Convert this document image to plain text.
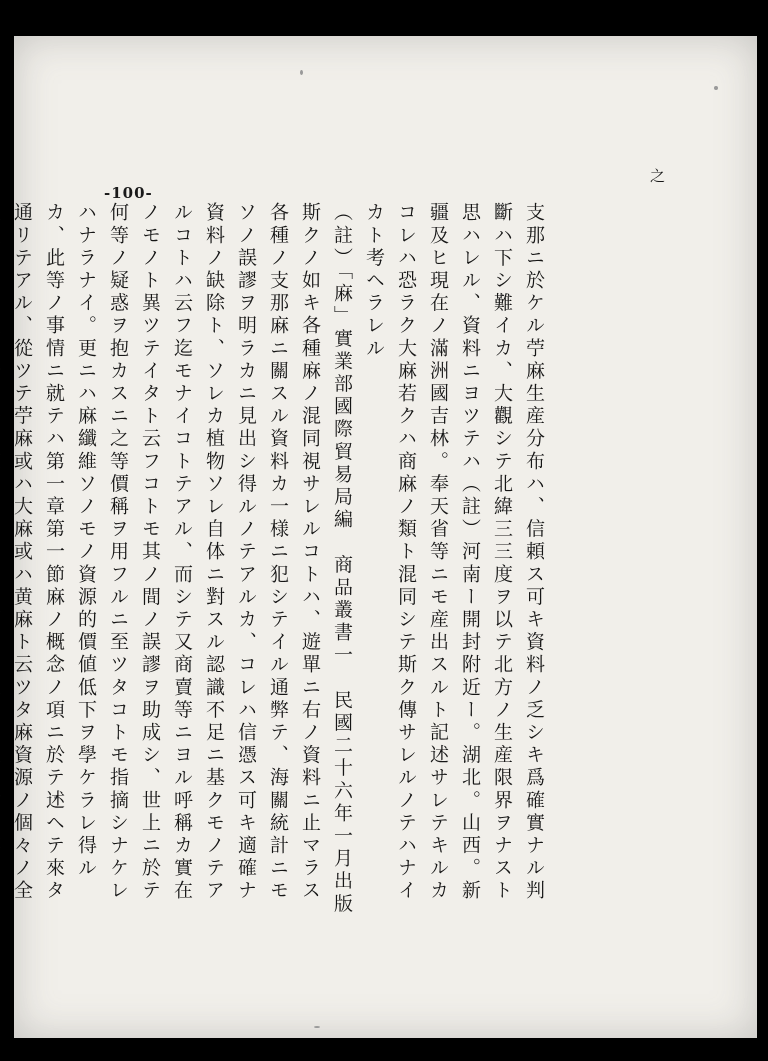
-100-
之
支那ニ於ケル苧麻生産分布ハ、信頼ス可キ資料ノ乏シキ爲確實ナル判
斷ハ下シ難イカ、大觀シテ北緯三三度ヲ以テ北方ノ生産限界ヲナスト
思ハレル、資料ニヨツテハ（註）河南ー開封附近ー。湖北。山西。新
疆及ヒ現在ノ滿洲國吉林。奉天省等ニモ産出スルト記述サレテキルカ
コレハ恐ラク大麻若クハ商麻ノ類ト混同シテ斯ク傳サレルノテハナイ
カト考ヘラレル
（註）「麻」實業部國際貿易局編　商品叢書一　民國二十六年一月出版
斯クノ如キ各種麻ノ混同視サレルコトハ、遊單ニ右ノ資料ニ止マラス
各種ノ支那麻ニ關スル資料カ一様ニ犯シテイル通弊テ、海關統計ニモ
ソノ誤謬ヲ明ラカニ見出シ得ルノテアルカ、コレハ信憑ス可キ適確ナ
資料ノ缺除ト、ソレカ植物ソレ自体ニ對スル認識不足ニ基クモノテア
ルコトハ云フ迄モナイコトテアル、而シテ又商賣等ニヨル呼稱カ實在
ノモノト異ツテイタト云フコトモ其ノ間ノ誤謬ヲ助成シ、世上ニ於テ
何等ノ疑惑ヲ抱カスニ之等價稱ヲ用フルニ至ツタコトモ指摘シナケレ
ハナラナイ。更ニハ麻纖維ソノモノ資源的價値低下ヲ學ケラレ得ル
カ、此等ノ事情ニ就テハ第一章第一節麻ノ概念ノ項ニ於テ述ヘテ來タ
通リテアル、從ツテ苧麻或ハ大麻或ハ黄麻ト云ツタ麻資源ノ個々ノ全
